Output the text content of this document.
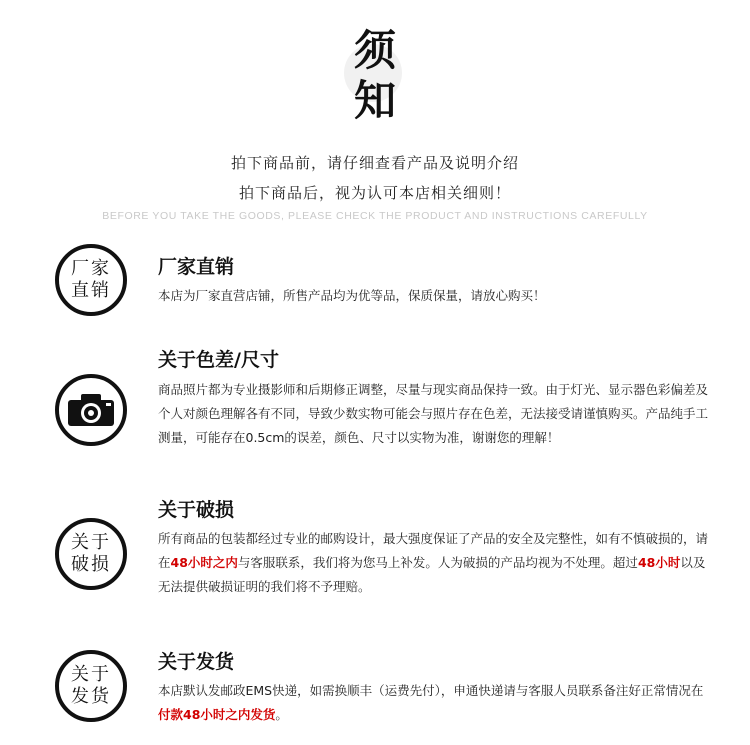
须
知
拍下商品前，请仔细查看产品及说明介绍
拍下商品后，视为认可本店相关细则！
BEFORE YOU TAKE THE GOODS, PLEASE CHECK THE PRODUCT AND INSTRUCTIONS CAREFULLY
厂家
直销
厂家直销
本店为厂家直营店铺，所售产品均为优等品，保质保量，请放心购买！
关于色差/尺寸
商品照片都为专业摄影师和后期修正调整，尽量与现实商品保持一致。由于灯光、显示器色彩偏差及个人对颜色理解各有不同，导致少数实物可能会与照片存在色差，无法接受请谨慎购买。产品纯手工测量，可能存在0.5cm的误差，颜色、尺寸以实物为准，谢谢您的理解！
关于
破损
关于破损
所有商品的包装都经过专业的邮购设计，最大强度保证了产品的安全及完整性，如有不慎破损的，请在48小时之内与客服联系，我们将为您马上补发。人为破损的产品均视为不处理。超过48小时以及无法提供破损证明的我们将不予理赔。
关于
发货
关于发货
本店默认发邮政EMS快递，如需换顺丰（运费先付），申通快递请与客服人员联系备注好正常情况在付款48小时之内发货。
